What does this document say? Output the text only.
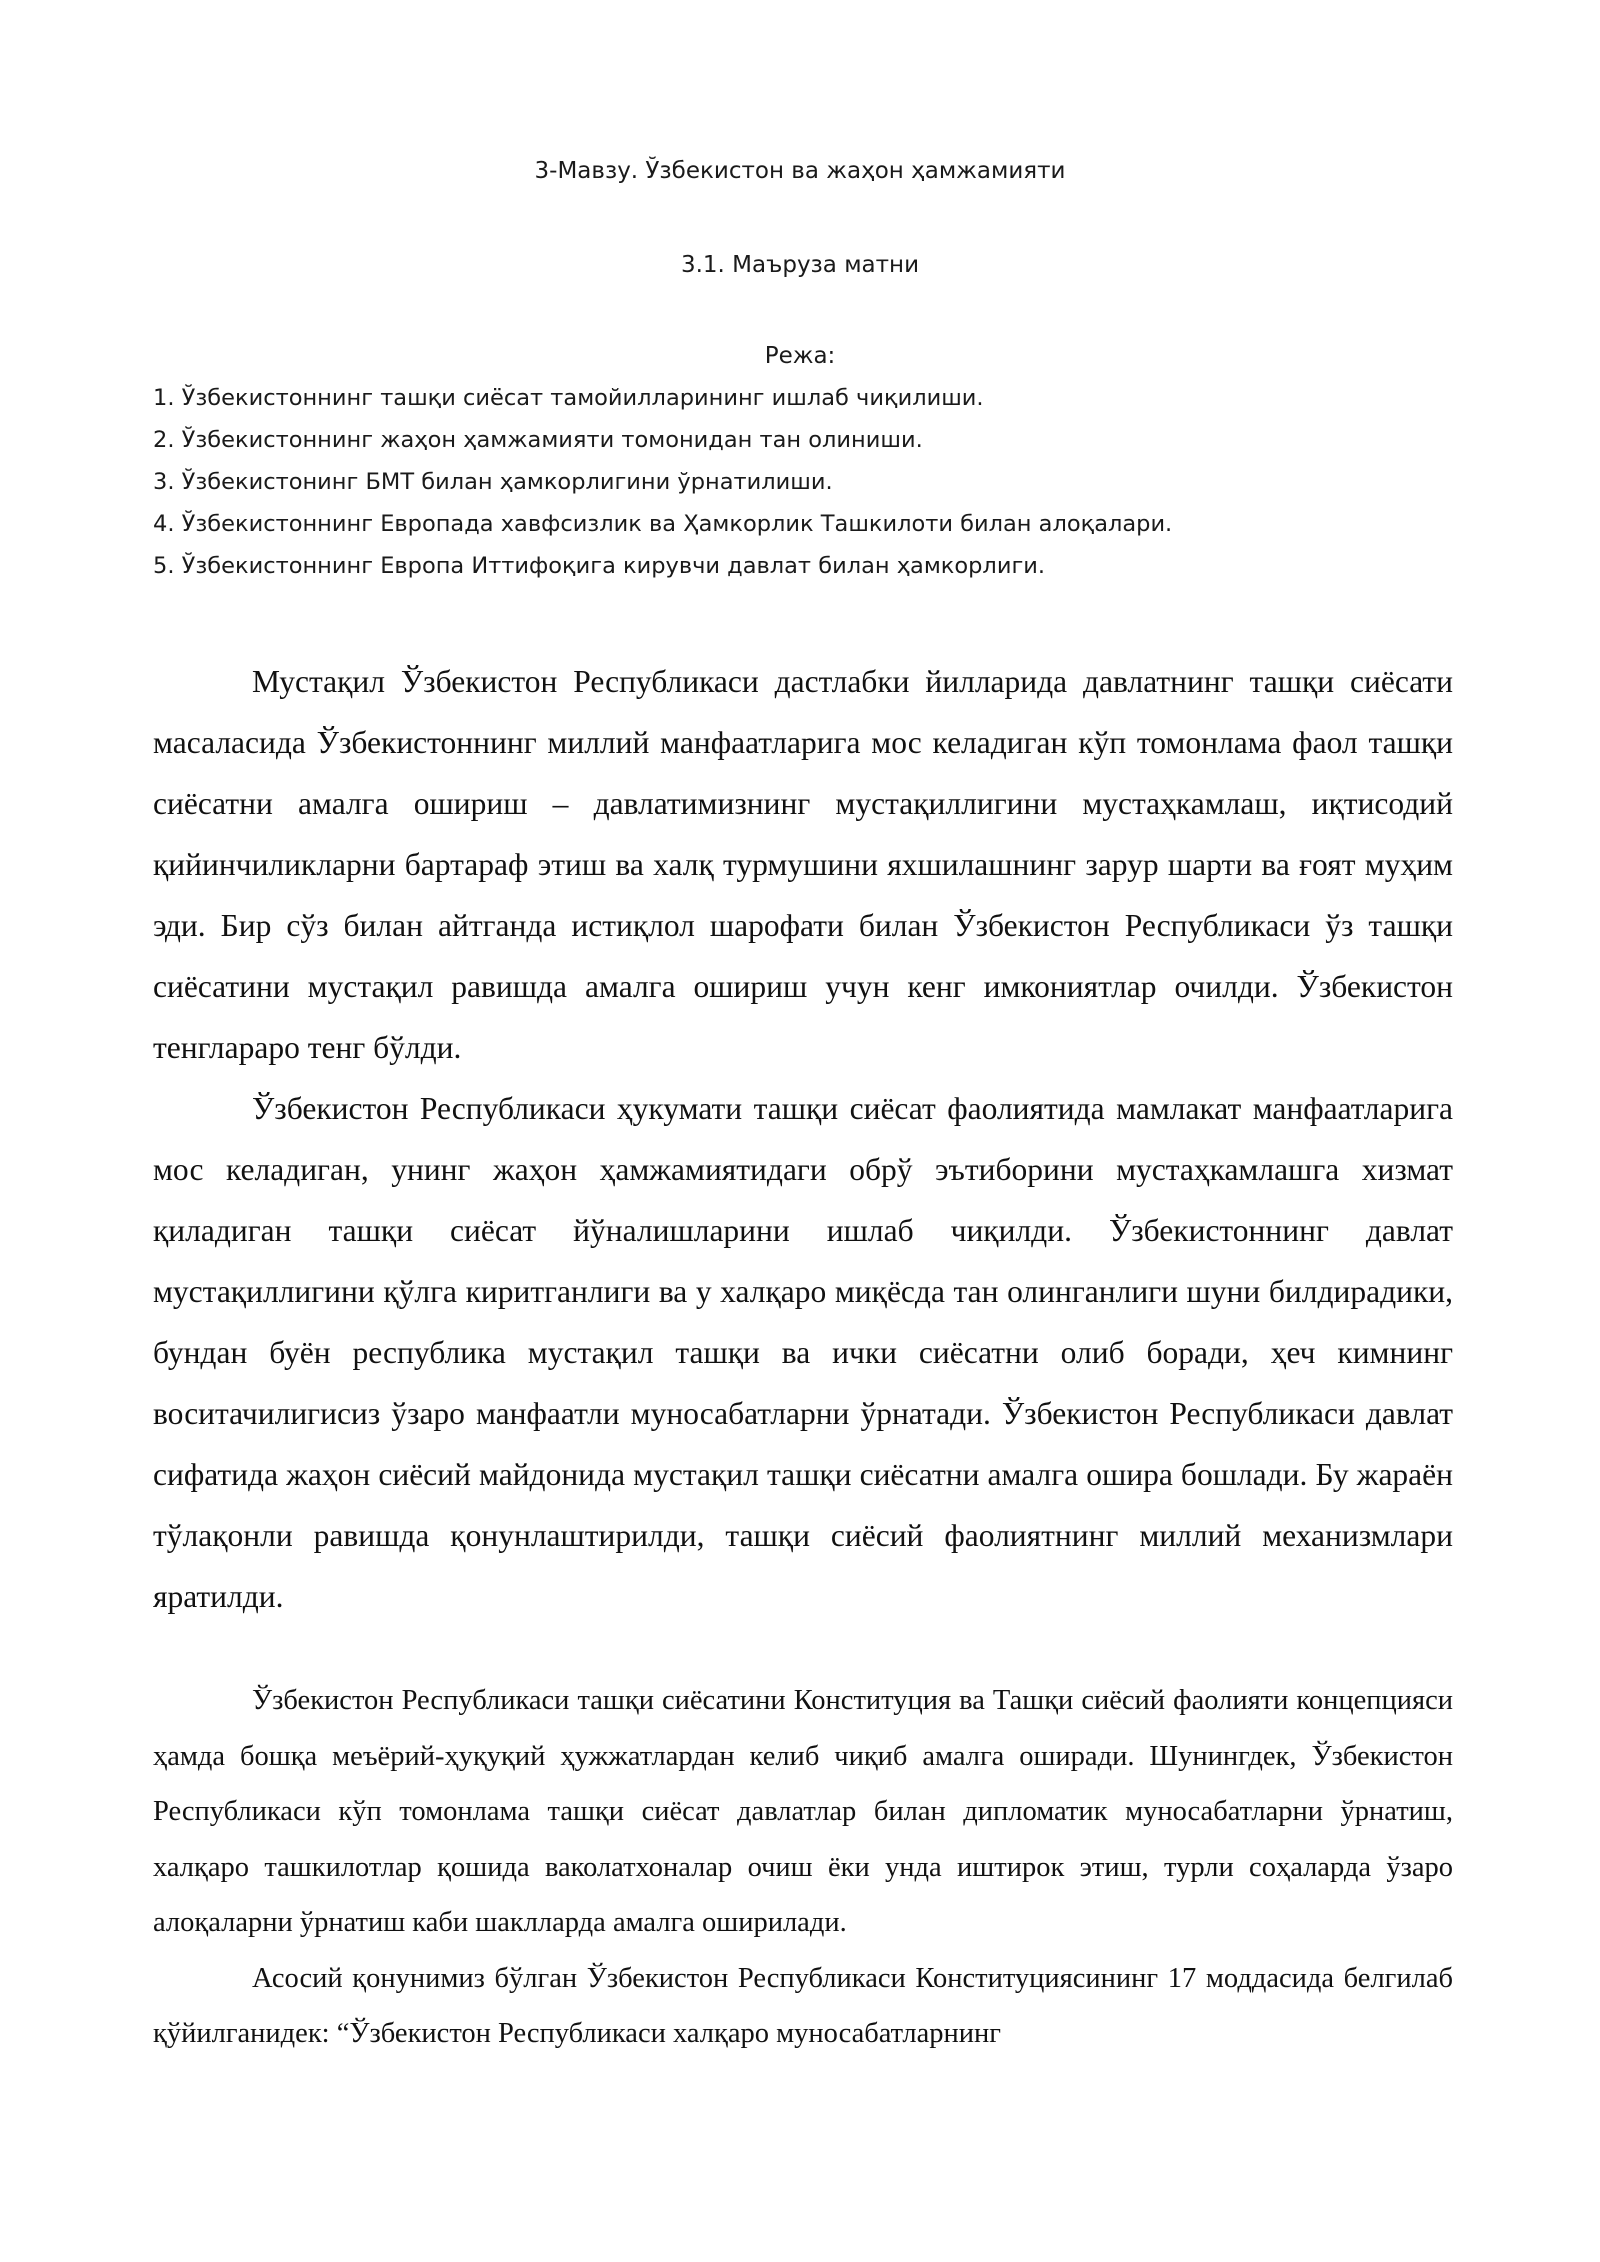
3-Мавзу. Ўзбекистон ва жаҳон ҳамжамияти
3.1. Маъруза матни
Режа:
1. Ўзбекистоннинг ташқи сиёсат тамойилларининг ишлаб чиқилиши.
2. Ўзбекистоннинг жаҳон ҳамжамияти томонидан тан олиниши.
3. Ўзбекистонинг БМТ билан ҳамкорлигини ўрнатилиши.
4. Ўзбекистоннинг Европада хавфсизлик ва Ҳамкорлик Ташкилоти билан алоқалари.
5. Ўзбекистоннинг Европа Иттифоқига кирувчи давлат билан ҳамкорлиги.

Мустақил Ўзбекистон Республикаси дастлабки йилларида давлатнинг ташқи сиёсати масаласида Ўзбекистоннинг миллий манфаатларига мос келадиган кўп томонлама фаол ташқи сиёсатни амалга ошириш – давлатимизнинг мустақиллигини мустаҳкамлаш, иқтисодий қийинчиликларни бартараф этиш ва халқ турмушини яхшилашнинг зарур шарти ва ғоят муҳим эди. Бир сўз билан айтганда истиқлол шарофати билан Ўзбекистон Республикаси ўз ташқи сиёсатини мустақил равишда амалга ошириш учун кенг имкониятлар очилди. Ўзбекистон тенглараро тенг бўлди.

Ўзбекистон Республикаси ҳукумати ташқи сиёсат фаолиятида мамлакат манфаатларига мос келадиган, унинг жаҳон ҳамжамиятидаги обрў эътиборини мустаҳкамлашга хизмат қиладиган ташқи сиёсат йўналишларини ишлаб чиқилди. Ўзбекистоннинг давлат мустақиллигини қўлга киритганлиги ва у халқаро миқёсда тан олинганлиги шуни билдирадики, бундан буён республика мустақил ташқи ва ички сиёсатни олиб боради, ҳеч кимнинг воситачилигисиз ўзаро манфаатли муносабатларни ўрнатади. Ўзбекистон Республикаси давлат сифатида жаҳон сиёсий майдонида мустақил ташқи сиёсатни амалга ошира бошлади. Бу жараён тўлақонли равишда қонунлаштирилди, ташқи сиёсий фаолиятнинг миллий механизмлари яратилди.

Ўзбекистон Республикаси ташқи сиёсатини Конституция ва Ташқи сиёсий фаолияти концепцияси ҳамда бошқа меъёрий-ҳуқуқий ҳужжатлардан келиб чиқиб амалга оширади. Шунингдек, Ўзбекистон Республикаси кўп томонлама ташқи сиёсат давлатлар билан дипломатик муносабатларни ўрнатиш, халқаро ташкилотлар қошида ваколатхоналар очиш ёки унда иштирок этиш, турли соҳаларда ўзаро алоқаларни ўрнатиш каби шаклларда амалга оширилади.

Асосий қонунимиз бўлган Ўзбекистон Республикаси Конституциясининг 17 моддасида белгилаб қўйилганидек: “Ўзбекистон Республикаси халқаро муносабатларнинг
